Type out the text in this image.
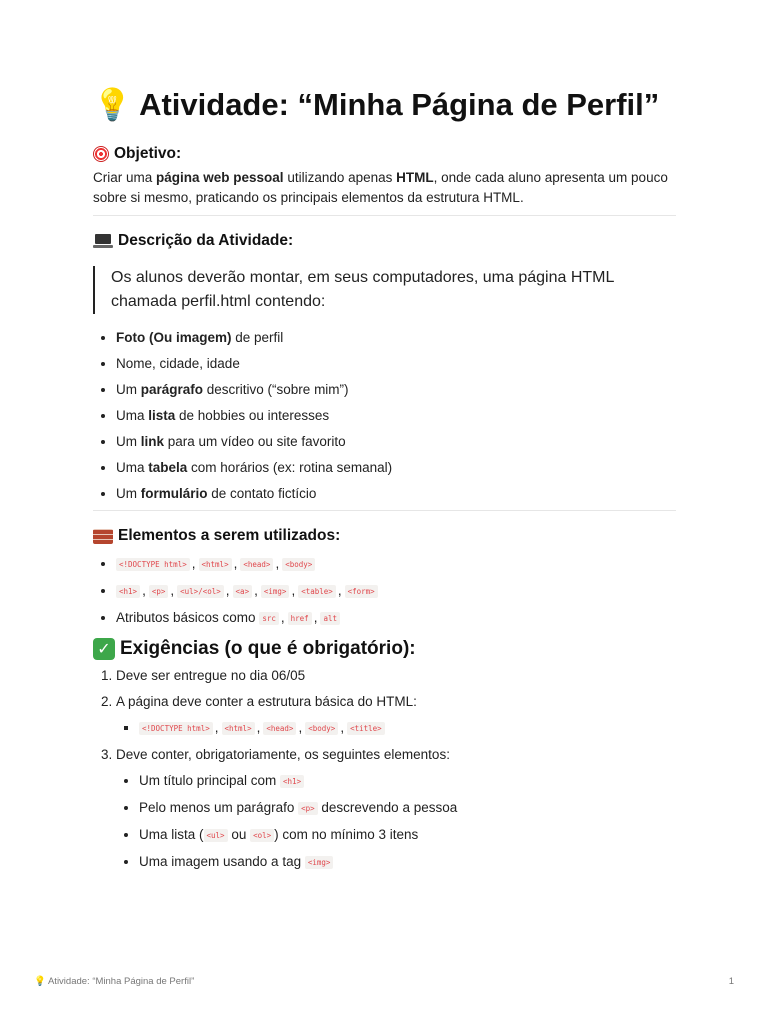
💡 Atividade: “Minha Página de Perfil”
Objetivo:

Criar uma página web pessoal utilizando apenas HTML, onde cada aluno apresenta um pouco sobre si mesmo, praticando os principais elementos da estrutura HTML.

Descrição da Atividade:
Os alunos deverão montar, em seus computadores, uma página HTML chamada perfil.html contendo:
• Foto (Ou imagem) de perfil
• Nome, cidade, idade
• Um parágrafo descritivo (“sobre mim”)
• Uma lista de hobbies ou interesses
• Um link para um vídeo ou site favorito
• Uma tabela com horários (ex: rotina semanal)
• Um formulário de contato fictício
Elementos a serem utilizados:
• <!DOCTYPE html> , <html> , <head> , <body>
• <h1> , <p> , <ul>/<ol> , <a> , <img> , <table> , <form>
• Atributos básicos como src , href , alt
✓ Exigências (o que é obrigatório):
1. Deve ser entregue no dia 06/05
2. A página deve conter a estrutura básica do HTML:
▪ <!DOCTYPE html> , <html> , <head> , <body> , <title>
3. Deve conter, obrigatoriamente, os seguintes elementos:
• Um título principal com <h1>
• Pelo menos um parágrafo <p> descrevendo a pessoa
• Uma lista ( <ul> ou <ol> ) com no mínimo 3 itens
• Uma imagem usando a tag <img>
💡 Atividade: “Minha Página de Perfil”	1
